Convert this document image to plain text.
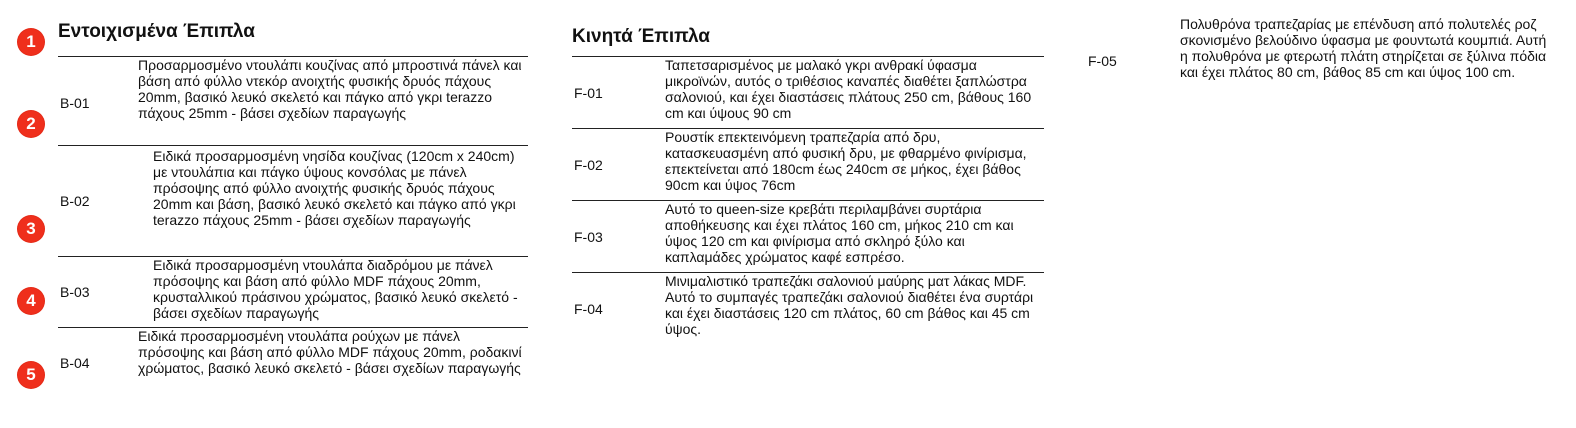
1
2
3
4
5
Εντοιχισμένα Έπιπλα
B-01
Προσαρμοσμένο ντουλάπι κουζίνας από μπροστινά πάνελ και βάση από φύλλο ντεκόρ ανοιχτής φυσικής δρυός πάχους 20mm, βασικό λευκό σκελετό και πάγκο από γκρι terazzo πάχους 25mm - βάσει σχεδίων παραγωγής
B-02
Ειδικά προσαρμοσμένη νησίδα κουζίνας (120cm x 240cm) με ντουλάπια και πάγκο ύψους κονσόλας με πάνελ πρόσοψης από φύλλο ανοιχτής φυσικής δρυός πάχους 20mm και βάση, βασικό λευκό σκελετό και πάγκο από γκρι terazzo πάχους 25mm - βάσει σχεδίων παραγωγής
B-03
Ειδικά προσαρμοσμένη ντουλάπα διαδρόμου με πάνελ πρόσοψης και βάση από φύλλο MDF πάχους 20mm, κρυσταλλικού πράσινου χρώματος, βασικό λευκό σκελετό - βάσει σχεδίων παραγωγής
B-04
Ειδικά προσαρμοσμένη ντουλάπα ρούχων με πάνελ πρόσοψης και βάση από φύλλο MDF πάχους 20mm, ροδακινί χρώματος, βασικό λευκό σκελετό - βάσει σχεδίων παραγωγής
Κινητά Έπιπλα
F-01
Ταπετσαρισμένος με μαλακό γκρι ανθρακί ύφασμα μικροϊνών, αυτός ο τριθέσιος καναπές διαθέτει ξαπλώστρα σαλονιού, και έχει διαστάσεις πλάτους 250 cm, βάθους 160 cm και ύψους 90 cm
F-02
Ρουστίκ επεκτεινόμενη τραπεζαρία από δρυ, κατασκευασμένη από φυσική δρυ, με φθαρμένο φινίρισμα, επεκτείνεται από 180cm έως 240cm σε μήκος, έχει βάθος 90cm και ύψος 76cm
F-03
Αυτό το queen-size κρεβάτι περιλαμβάνει συρτάρια αποθήκευσης και έχει πλάτος 160 cm, μήκος 210 cm και ύψος 120 cm και φινίρισμα από σκληρό ξύλο και καπλαμάδες χρώματος καφέ εσπρέσο.
F-04
Μινιμαλιστικό τραπεζάκι σαλονιού μαύρης ματ λάκας MDF. Αυτό το συμπαγές τραπεζάκι σαλονιού διαθέτει ένα συρτάρι και έχει διαστάσεις 120 cm πλάτος, 60 cm βάθος και 45 cm ύψος.
F-05
Πολυθρόνα τραπεζαρίας με επένδυση από πολυτελές ροζ σκονισμένο βελούδινο ύφασμα με φουντωτά κουμπιά. Αυτή η πολυθρόνα με φτερωτή πλάτη στηρίζεται σε ξύλινα πόδια και έχει πλάτος 80 cm, βάθος 85 cm και ύψος 100 cm.
